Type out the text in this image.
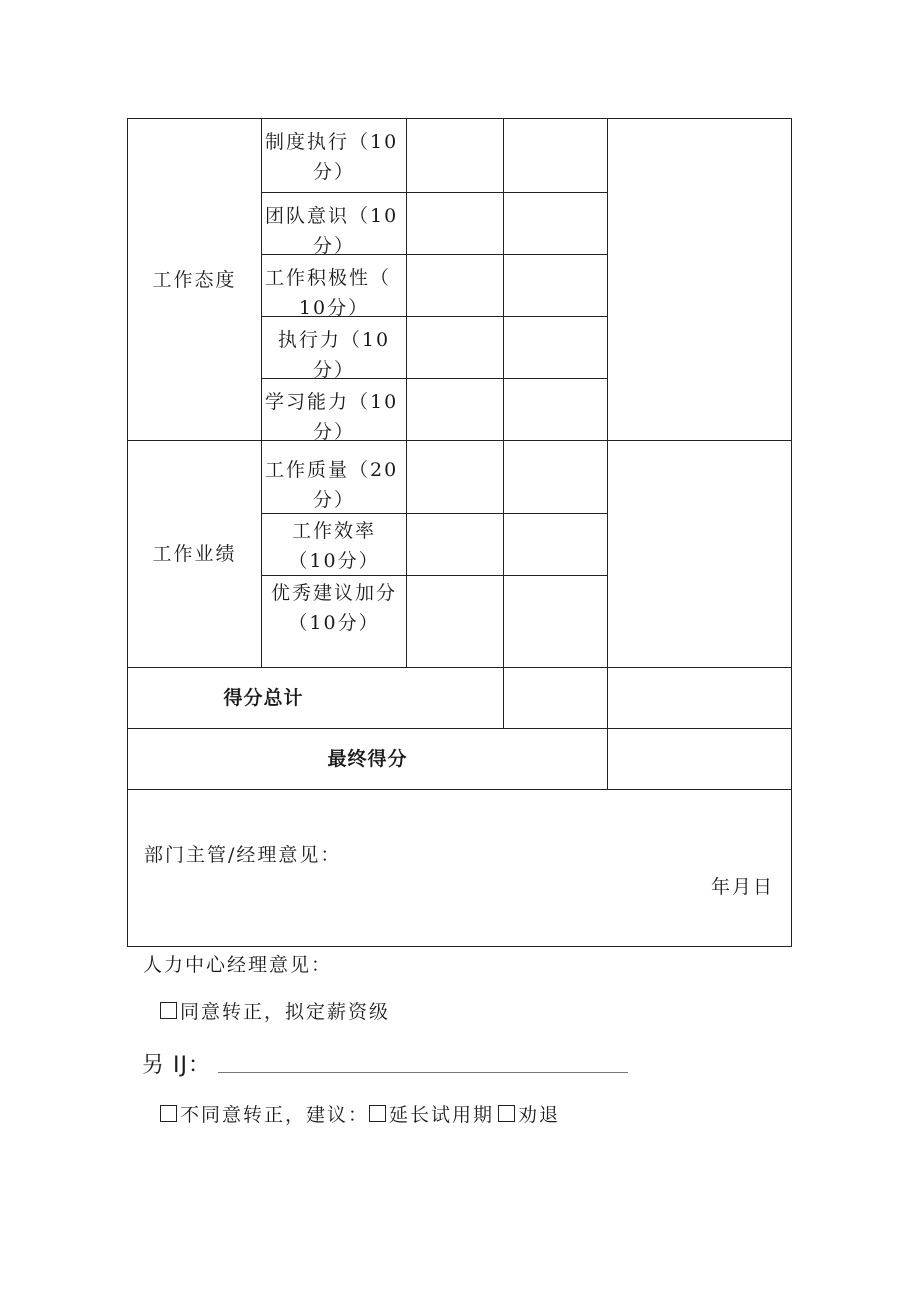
工作态度
制度执行（10
分）
团队意识（10
分）
工作积极性（
10分）
执行力（10
分）
学习能力（10
分）
工作业绩
工作质量（20
分）
工作效率
（10分）
优秀建议加分
（10分）
得分总计
最终得分
部门主管/经理意见：
年月日
人力中心经理意见：
同意转正，拟定薪资级
另 IJ：
不同意转正，建议： 延长试用期 劝退
